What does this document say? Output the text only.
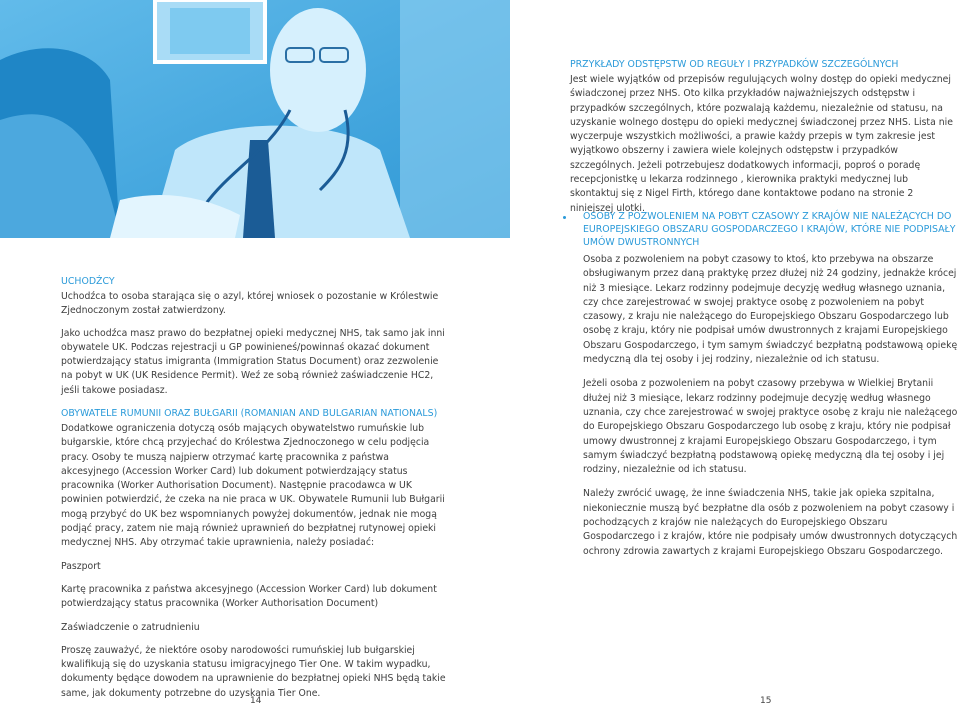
UCHODŹCY

Uchodźca to osoba starająca się o azyl, której wniosek o pozostanie w Królestwie Zjednoczonym został zatwierdzony.

Jako uchodźca masz prawo do bezpłatnej opieki medycznej NHS, tak samo jak inni obywatele UK. Podczas rejestracji u GP powinieneś/powinnaś okazać dokument potwierdzający status imigranta (Immigration Status Document) oraz zezwolenie na pobyt w UK (UK Residence Permit). Weź ze sobą również zaświadczenie HC2, jeśli takowe posiadasz.

OBYWATELE RUMUNII ORAZ BUŁGARII (ROMANIAN AND BULGARIAN NATIONALS)

Dodatkowe ograniczenia dotyczą osób mających obywatelstwo rumuńskie lub bułgarskie, które chcą przyjechać do Królestwa Zjednoczonego w celu podjęcia pracy. Osoby te muszą najpierw otrzymać kartę pracownika z państwa akcesyjnego (Accession Worker Card) lub dokument potwierdzający status pracownika (Worker Authorisation Document). Następnie pracodawca w UK powinien potwierdzić, że czeka na nie praca w UK. Obywatele Rumunii lub Bułgarii mogą przybyć do UK bez wspomnianych powyżej dokumentów, jednak nie mogą podjąć pracy, zatem nie mają również uprawnień do bezpłatnej rutynowej opieki medycznej NHS. Aby otrzymać takie uprawnienia, należy posiadać:

Paszport

Kartę pracownika z państwa akcesyjnego (Accession Worker Card) lub dokument potwierdzający status pracownika (Worker Authorisation Document)

Zaświadczenie o zatrudnieniu

Proszę zauważyć, że niektóre osoby narodowości rumuńskiej lub bułgarskiej kwalifikują się do uzyskania statusu imigracyjnego Tier One. W takim wypadku, dokumenty będące dowodem na uprawnienie do bezpłatnej opieki NHS będą takie same, jak dokumenty potrzebne do uzyskania Tier One.

14
PRZYKŁADY ODSTĘPSTW OD REGUŁY I PRZYPADKÓW SZCZEGÓLNYCH

Jest wiele wyjątków od przepisów regulujących wolny dostęp do opieki medycznej świadczonej przez NHS. Oto kilka przykładów najważniejszych odstępstw i przypadków szczególnych, które pozwalają każdemu, niezależnie od statusu, na uzyskanie wolnego dostępu do opieki medycznej świadczonej przez NHS. Lista nie wyczerpuje wszystkich możliwości, a prawie każdy przepis w tym zakresie jest wyjątkowo obszerny i zawiera wiele kolejnych odstępstw i przypadków szczególnych. Jeżeli potrzebujesz dodatkowych informacji, poproś o poradę recepcjonistkę u lekarza rodzinnego , kierownika praktyki medycznej lub skontaktuj się z Nigel Firth, którego dane kontaktowe podano na stronie 2 niniejszej ulotki.

OSOBY Z POZWOLENIEM NA POBYT CZASOWY Z KRAJÓW NIE NALEŻĄCYCH DO EUROPEJSKIEGO OBSZARU GOSPODARCZEGO I KRAJÓW, KTÓRE NIE PODPISAŁY UMÓW DWUSTRONNYCH

Osoba z pozwoleniem na pobyt czasowy to ktoś, kto przebywa na obszarze obsługiwanym przez daną praktykę przez dłużej niż 24 godziny, jednakże krócej niż 3 miesiące. Lekarz rodzinny podejmuje decyzję według własnego uznania, czy chce zarejestrować w swojej praktyce osobę z pozwoleniem na pobyt czasowy, z kraju nie należącego do Europejskiego Obszaru Gospodarczego lub osobę z kraju, który nie podpisał umów dwustronnych z krajami Europejskiego Obszaru Gospodarczego, i tym samym świadczyć bezpłatną podstawową opiekę medyczną dla tej osoby i jej rodziny, niezależnie od ich statusu.

Jeżeli osoba z pozwoleniem na pobyt czasowy przebywa w Wielkiej Brytanii dłużej niż 3 miesiące, lekarz rodzinny podejmuje decyzję według własnego uznania, czy chce zarejestrować w swojej praktyce osobę z kraju nie należącego do Europejskiego Obszaru Gospodarczego lub osobę z kraju, który nie podpisał umowy dwustronnej z krajami Europejskiego Obszaru Gospodarczego, i tym samym świadczyć bezpłatną podstawową opiekę medyczną dla tej osoby i jej rodziny, niezależnie od ich statusu.

Należy zwrócić uwagę, że inne świadczenia NHS, takie jak opieka szpitalna, niekoniecznie muszą być bezpłatne dla osób z pozwoleniem na pobyt czasowy i pochodzących z krajów nie należących do Europejskiego Obszaru Gospodarczego i z krajów, które nie podpisały umów dwustronnych dotyczących ochrony zdrowia zawartych z krajami Europejskiego Obszaru Gospodarczego.

15
